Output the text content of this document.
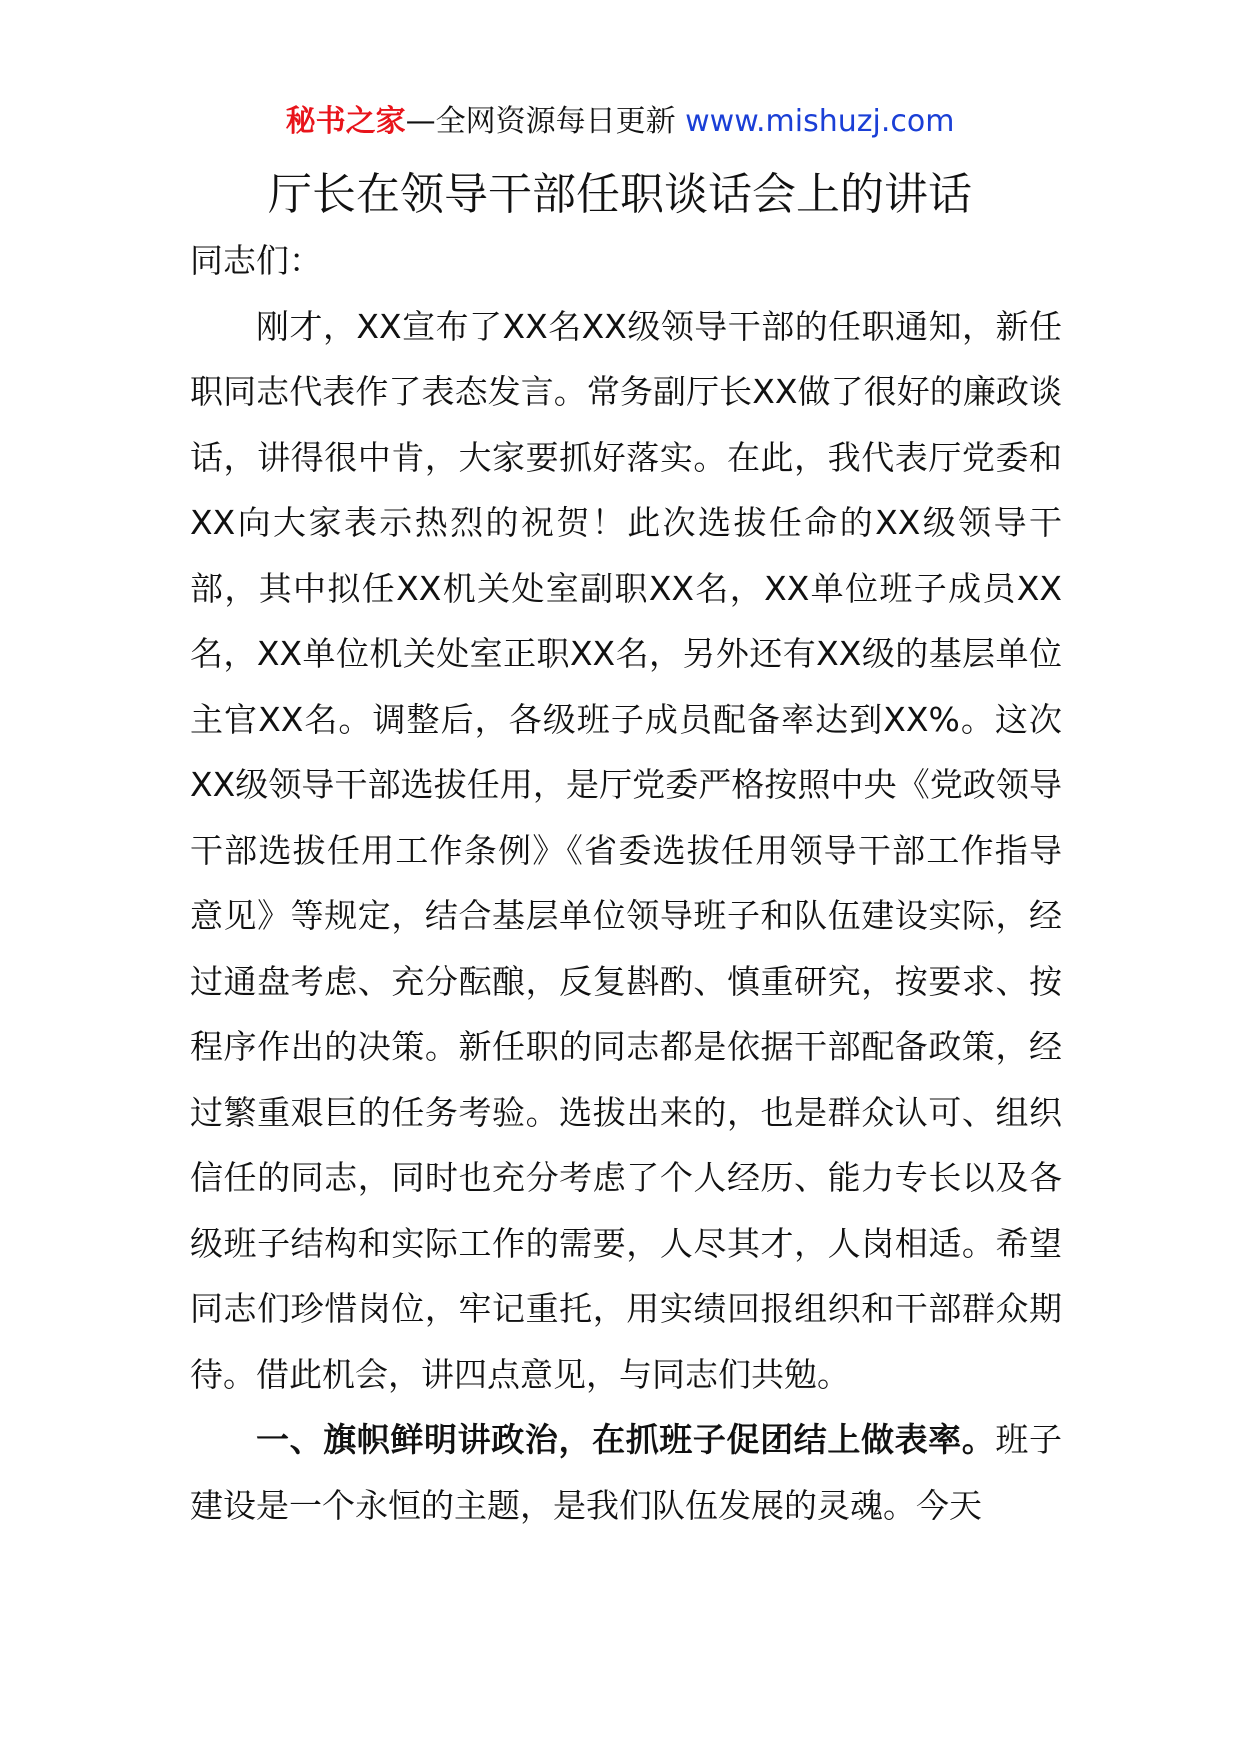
秘书之家—全网资源每日更新 www.mishuzj.com
厅长在领导干部任职谈话会上的讲话

同志们：

刚才，XX宣布了XX名XX级领导干部的任职通知，新任职同志代表作了表态发言。常务副厅长XX做了很好的廉政谈话，讲得很中肯，大家要抓好落实。在此，我代表厅党委和XX向大家表示热烈的祝贺！此次选拔任命的XX级领导干部，其中拟任XX机关处室副职XX名，XX单位班子成员XX名，XX单位机关处室正职XX名，另外还有XX级的基层单位主官XX名。调整后，各级班子成员配备率达到XX%。这次XX级领导干部选拔任用，是厅党委严格按照中央《党政领导干部选拔任用工作条例》《省委选拔任用领导干部工作指导意见》等规定，结合基层单位领导班子和队伍建设实际，经过通盘考虑、充分酝酿，反复斟酌、慎重研究，按要求、按程序作出的决策。新任职的同志都是依据干部配备政策，经过繁重艰巨的任务考验。选拔出来的，也是群众认可、组织信任的同志，同时也充分考虑了个人经历、能力专长以及各级班子结构和实际工作的需要，人尽其才，人岗相适。希望同志们珍惜岗位，牢记重托，用实绩回报组织和干部群众期待。借此机会，讲四点意见，与同志们共勉。

一、旗帜鲜明讲政治，在抓班子促团结上做表率。班子建设是一个永恒的主题，是我们队伍发展的灵魂。今天
